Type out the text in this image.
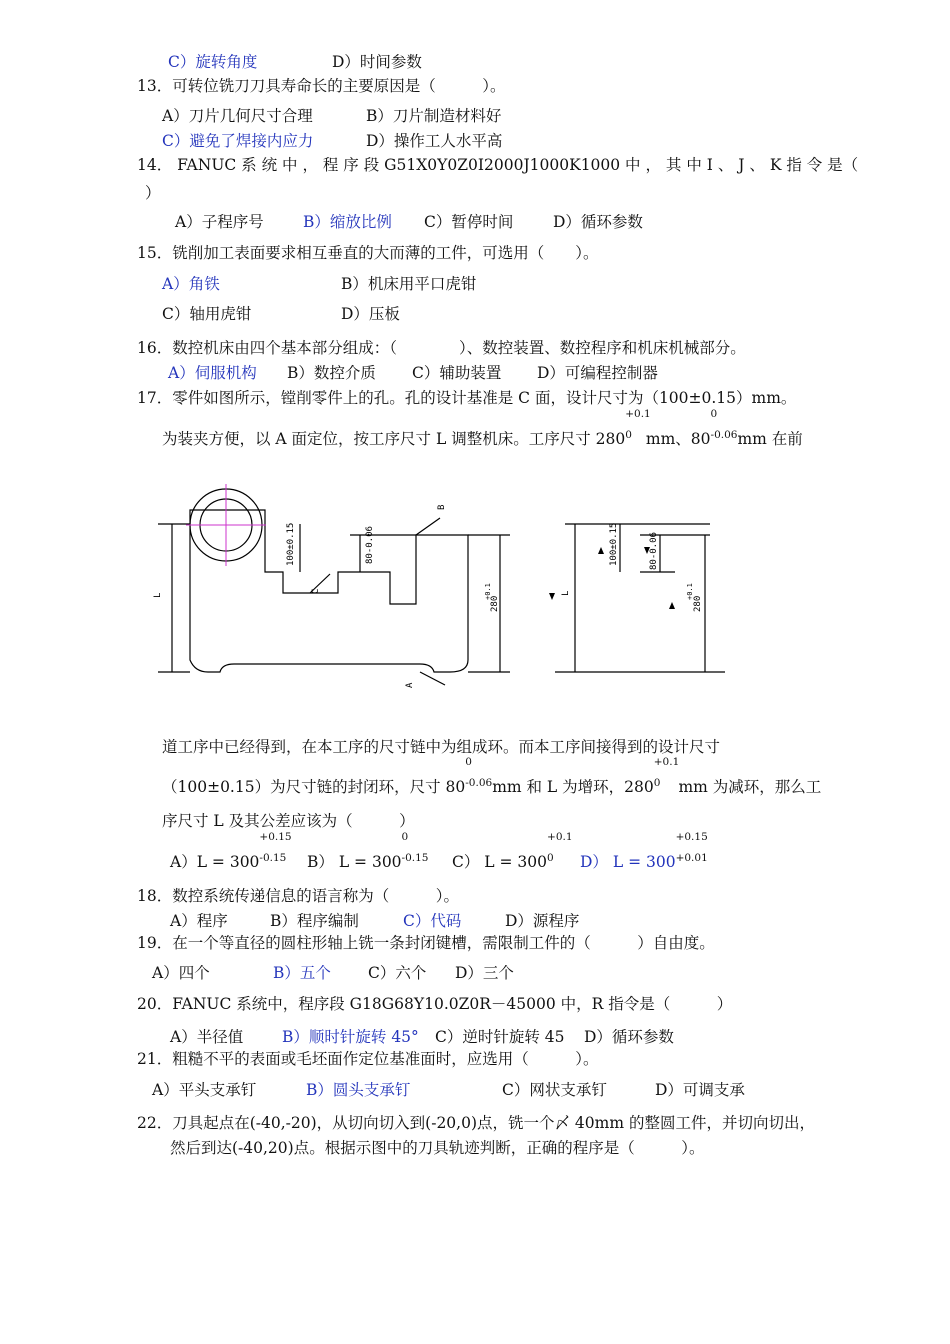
C）旋转角度	D）时间参数
13．可转位铣刀刀具寿命长的主要原因是（　　　）。
A）刀片几何尺寸合理	B）刀片制造材料好
C）避免了焊接内应力	D）操作工人水平高
14． FANUC 系 统 中 ， 程 序 段 G51X0Y0Z0I2000J1000K1000 中 ， 其 中 I 、 J 、 K 指 令 是（
）
A）子程序号	B）缩放比例 C）暂停时间	D）循环参数
15．铣削加工表面要求相互垂直的大而薄的工件，可选用（　　）。
A）角铁	B）机床用平口虎钳
C）轴用虎钳	D）压板
16．数控机床由四个基本部分组成：（　　　　）、数控装置、数控程序和机床机械部分。
A）伺服机构 B）数控介质 C）辅助装置 D）可编程控制器
17．零件如图所示，镗削零件上的孔。孔的设计基准是 C 面，设计尺寸为（100±0.15）mm。
为装夹方便，以 A 面定位，按工序尺寸 L 调整机床。工序尺寸 280
+0.1
$^0$ mm、80
0
$^{-0.06}$mm 在前
L
100±0.15	80-0.06
280
+0.1
B
C
A
L
100±0.15	80-0.06
280
+0.1
道工序中已经得到，在本工序的尺寸链中为组成环。而本工序间接得到的设计尺寸
（100±0.15）为尺寸链的封闭环，尺寸 80
0
$^{-0.06}$mm 和 L 为增环，280
+0.1
$^0$ mm 为减环，那么工
序尺寸 L 及其公差应该为（　　　）
A）L = 300
+0.15
$^{-0.15}$ B） L = 300
0
$^{-0.15}$ C） L = 300
+0.1
$^0$ D） L = 300
+0.15
$^{+0.01}$
18．数控系统传递信息的语言称为（　　　）。
A）程序	B）程序编制	C）代码	D）源程序
19．在一个等直径的圆柱形轴上铣一条封闭键槽，需限制工件的（　　　）自由度。
A）四个	B）五个 C）六个 D）三个
20．FANUC 系统中，程序段 G18G68Y10.0Z0R－45000 中，R 指令是（　　　）
A）半径值	B）顺时针旋转 45° C）逆时针旋转 45 D）循环参数
21．粗糙不平的表面或毛坯面作定位基准面时，应选用（　　　）。
A）平头支承钉	B）圆头支承钉	C）网状支承钉	D）可调支承
22．刀具起点在(-40,-20)，从切向切入到(-20,0)点，铣一个〆 40mm 的整圆工件，并切向切出，
然后到达(-40,20)点。根据示图中的刀具轨迹判断，正确的程序是（　　　）。
